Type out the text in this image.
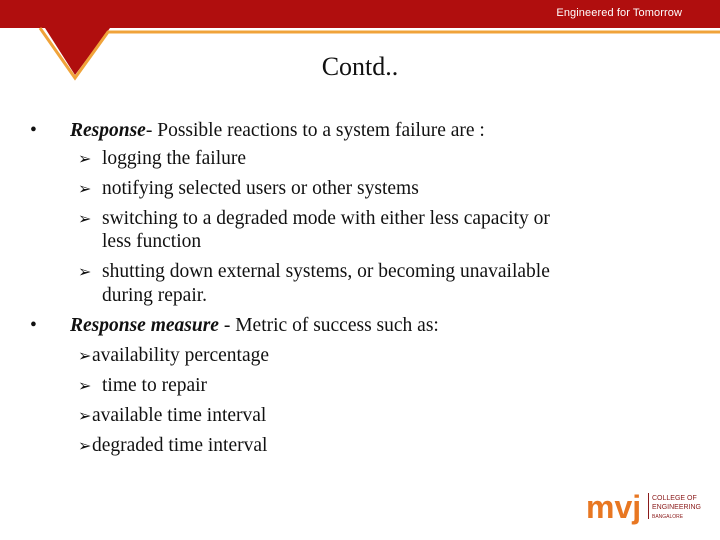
Engineered for Tomorrow
Contd..
• Response- Possible reactions to a system failure are :
➢ logging the failure
➢ notifying selected users or other systems
➢ switching to a degraded mode with either less capacity or
less function
➢ shutting down external systems, or becoming unavailable
during repair.
• Response measure - Metric of success such as:
➢availability percentage
➢ time to repair
➢available time interval
➢degraded time interval
mvj COLLEGE OF
ENGINEERING
BANGALORE
